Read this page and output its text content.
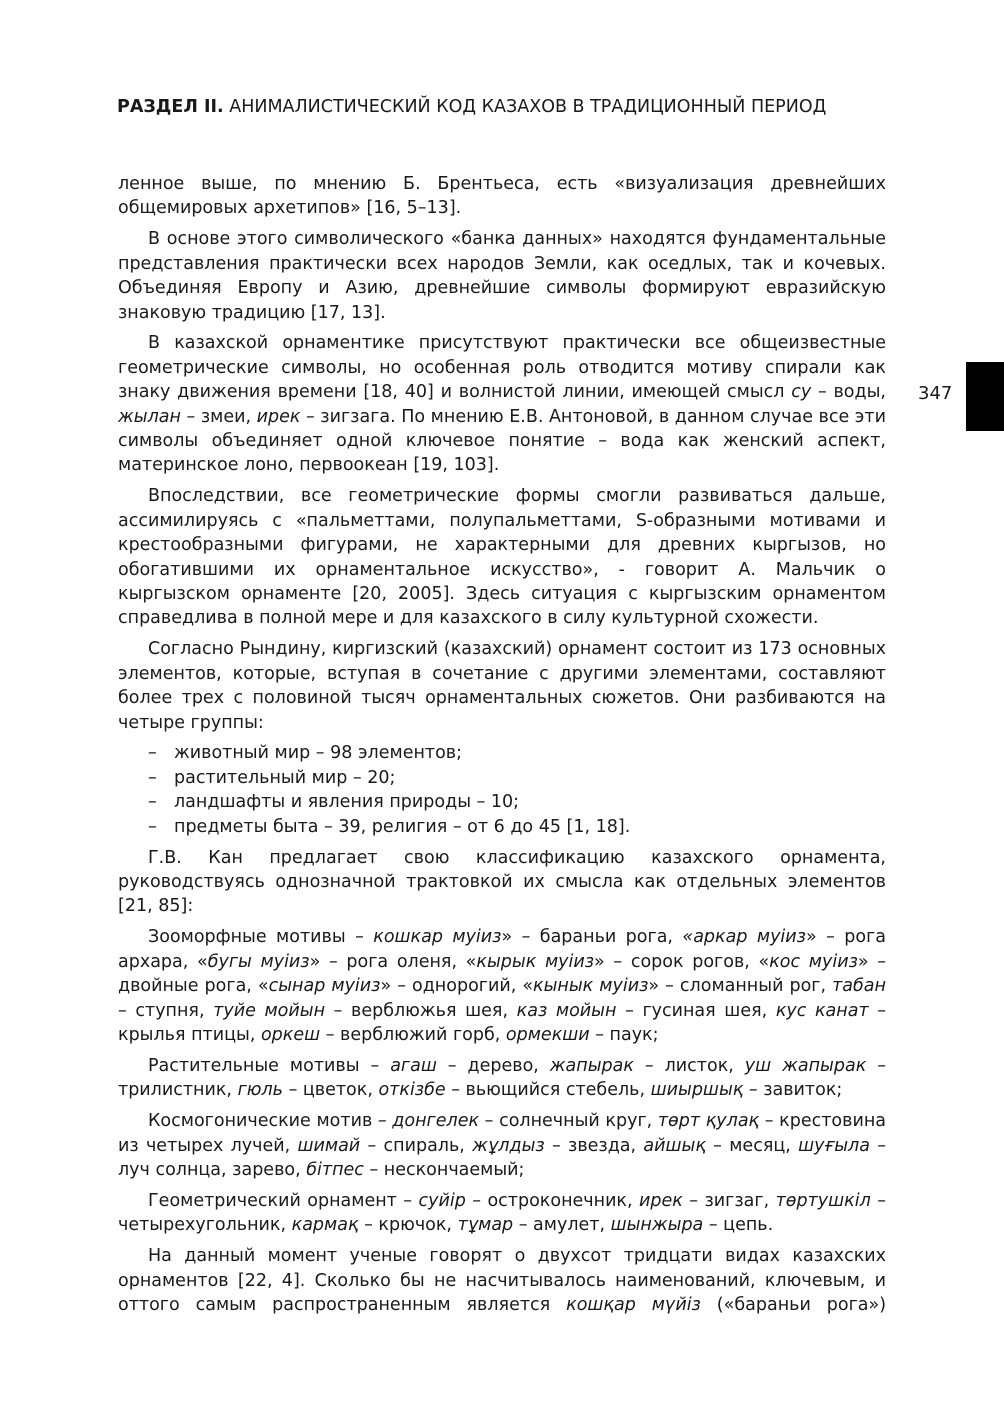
РАЗДЕЛ II. АНИМАЛИСТИЧЕСКИЙ КОД КАЗАХОВ В ТРАДИЦИОННЫЙ ПЕРИОД
347

ленное выше, по мнению Б. Брентьеса, есть «визуализация древнейших общемировых архетипов» [16, 5–13].

В основе этого символического «банка данных» находятся фундаментальные представления практически всех народов Земли, как оседлых, так и кочевых. Объединяя Европу и Азию, древнейшие символы формируют евразийскую знаковую традицию [17, 13].

В казахской орнаментике присутствуют практически все общеизвестные геометрические символы, но особенная роль отводится мотиву спирали как знаку движения времени [18, 40] и волнистой линии, имеющей смысл су – воды, жылан – змеи, ирек – зигзага. По мнению Е.В. Антоновой, в данном случае все эти символы объединяет одной ключевое понятие – вода как женский аспект, материнское лоно, первоокеан [19, 103].

Впоследствии, все геометрические формы смогли развиваться дальше, ассимилируясь с «пальметтами, полупальметтами, S-образными мотивами и крестообразными фигурами, не характерными для древних кыргызов, но обогатившими их орнаментальное искусство», - говорит А. Мальчик о кыргызском орнаменте [20, 2005]. Здесь ситуация с кыргызским орнаментом справедлива в полной мере и для казахского в силу культурной схожести.

Согласно Рындину, киргизский (казахский) орнамент состоит из 173 основных элементов, которые, вступая в сочетание с другими элементами, составляют более трех с половиной тысяч орнаментальных сюжетов. Они разбиваются на четыре группы:

– животный мир – 98 элементов;
– растительный мир – 20;
– ландшафты и явления природы – 10;
– предметы быта – 39, религия – от 6 до 45 [1, 18].

Г.В. Кан предлагает свою классификацию казахского орнамента, руководствуясь однозначной трактовкой их смысла как отдельных элементов [21, 85]:

Зооморфные мотивы – кошкар муiиз» – бараньи рога, «аркар муiиз» – рога архара, «бугы муiиз» – рога оленя, «кырык муiиз» – сорок рогов, «кос муiиз» – двойные рога, «сынар муiиз» – однорогий, «кынык муiиз» – сломанный рог, табан – ступня, туйе мойын – верблюжья шея, каз мойын – гусиная шея, кус канат – крылья птицы, оркеш – верблюжий горб, ормекши – паук;

Растительные мотивы – агаш – дерево, жапырак – листок, уш жапырак – трилистник, гюль – цветок, откiзбе – вьющийся стебель, шиыршық – завиток;

Космогонические мотив – донгелек – солнечный круг, төрт қулақ – крестовина из четырех лучей, шимай – спираль, жұлдыз – звезда, айшық – месяц, шуғыла – луч солнца, зарево, бiтпес – нескончаемый;

Геометрический орнамент – суйiр – остроконечник, ирек – зигзаг, төртушкiл – четырехугольник, кармақ – крючок, тұмар – амулет, шынжыра – цепь.

На данный момент ученые говорят о двухсот тридцати видах казахских орнаментов [22, 4]. Сколько бы не насчитывалось наименований, ключевым, и оттого самым распространенным является кошқар мүйiз («бараньи рога»)
